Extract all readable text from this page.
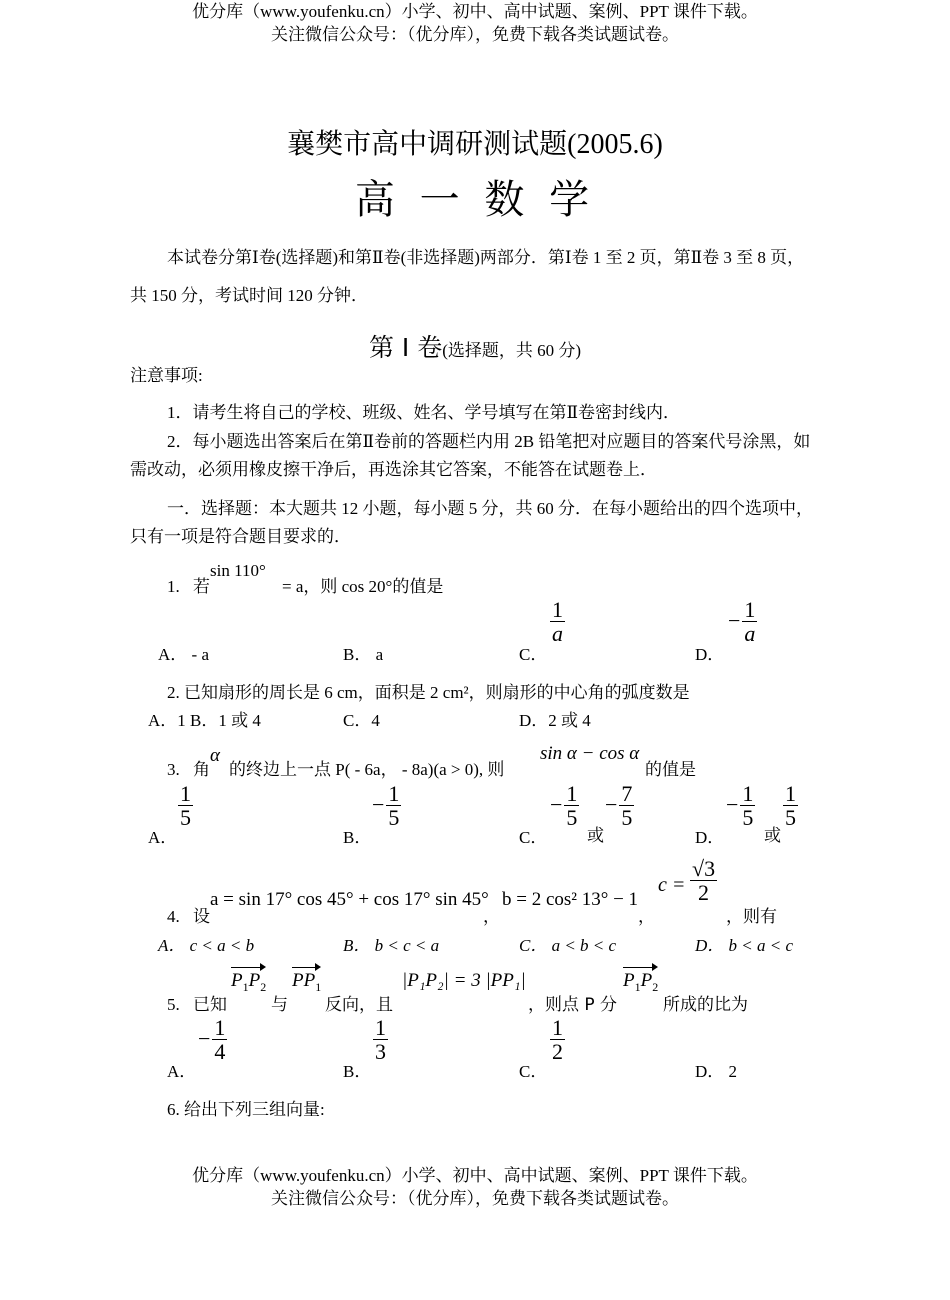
优分库（www.youfenku.cn）小学、初中、高中试题、案例、PPT 课件下载。
关注微信公众号：（优分库），免费下载各类试题试卷。
襄樊市高中调研测试题(2005.6)
高 一 数 学
本试卷分第Ⅰ卷(选择题)和第Ⅱ卷(非选择题)两部分．第Ⅰ卷 1 至 2 页，第Ⅱ卷 3 至 8 页，
共 150 分，考试时间 120 分钟．
第 Ⅰ 卷(选择题，共 60 分)
注意事项:
1．请考生将自己的学校、班级、姓名、学号填写在第Ⅱ卷密封线内．
2．每小题选出答案后在第Ⅱ卷前的答题栏内用 2B 铅笔把对应题目的答案代号涂黑，如
需改动，必须用橡皮擦干净后，再选涂其它答案，不能答在试题卷上．
一．选择题：本大题共 12 小题，每小题 5 分，共 60 分．在每小题给出的四个选项中，
只有一项是符合题目要求的．
1. 若
sin 110°
= a，则 cos 20°的值是
A． - a	B． a	C．
$\frac{1}{a}$
D．
− $\frac{1}{a}$
2. 已知扇形的周长是 6 cm，面积是 2 cm²，则扇形的中心角的弧度数是
A．1 B．1 或 4	C．4	D．2 或 4
3. 角
α
的终边上一点 P( - 6a， - 8a)(a > 0), 则
sin α − cos α
的值是
$\frac{1}{5}$
A．
− $\frac{1}{5}$
B．	C．
− $\frac{1}{5}$
或
− $\frac{7}{5}$
D．
− $\frac{1}{5}$
或
$\frac{1}{5}$
4. 设
a = sin 17° cos 45° + cos 17° sin 45°
，
b = 2 cos² 13° − 1
，
$c = \frac{√3}{2}$
，则有
A． c < a < b	B． b < c < a	C． a < b < c	D． b < a < c
5. 已知
$P_1P_2$
与
$PP_1$
反向，且
|P₁P₂| = 3 |PP₁|
，则点 P 分
$P_1P_2$
所成的比为
− $\frac{1}{4}$
A．
$\frac{1}{3}$
B．
$\frac{1}{2}$
C．	D． 2
6. 给出下列三组向量:
优分库（www.youfenku.cn）小学、初中、高中试题、案例、PPT 课件下载。
关注微信公众号：（优分库），免费下载各类试题试卷。
